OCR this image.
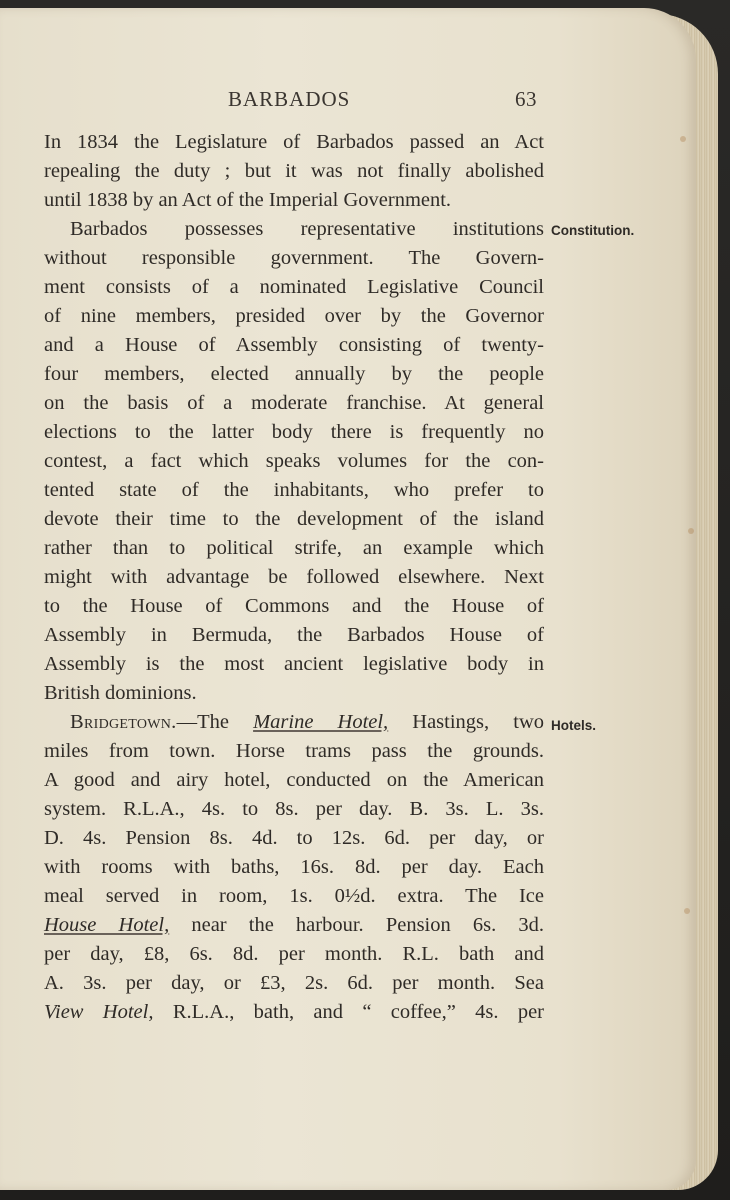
BARBADOS	63
Constitution.
Hotels.
In 1834 the Legislature of Barbados passed an Act
repealing the duty ; but it was not finally abolished
until 1838 by an Act of the Imperial Government.
Barbados possesses representative institutions
without responsible government. The Govern-
ment consists of a nominated Legislative Council
of nine members, presided over by the Governor
and a House of Assembly consisting of twenty-
four members, elected annually by the people
on the basis of a moderate franchise. At general
elections to the latter body there is frequently no
contest, a fact which speaks volumes for the con-
tented state of the inhabitants, who prefer to
devote their time to the development of the island
rather than to political strife, an example which
might with advantage be followed elsewhere. Next
to the House of Commons and the House of
Assembly in Bermuda, the Barbados House of
Assembly is the most ancient legislative body in
British dominions.
Bridgetown.—The Marine Hotel, Hastings, two
miles from town. Horse trams pass the grounds.
A good and airy hotel, conducted on the American
system. R.L.A., 4s. to 8s. per day. B. 3s. L. 3s.
D. 4s. Pension 8s. 4d. to 12s. 6d. per day, or
with rooms with baths, 16s. 8d. per day. Each
meal served in room, 1s. 0½d. extra. The Ice
House Hotel, near the harbour. Pension 6s. 3d.
per day, £8, 6s. 8d. per month. R.L. bath and
A. 3s. per day, or £3, 2s. 6d. per month. Sea
View Hotel, R.L.A., bath, and “ coffee,” 4s. per
